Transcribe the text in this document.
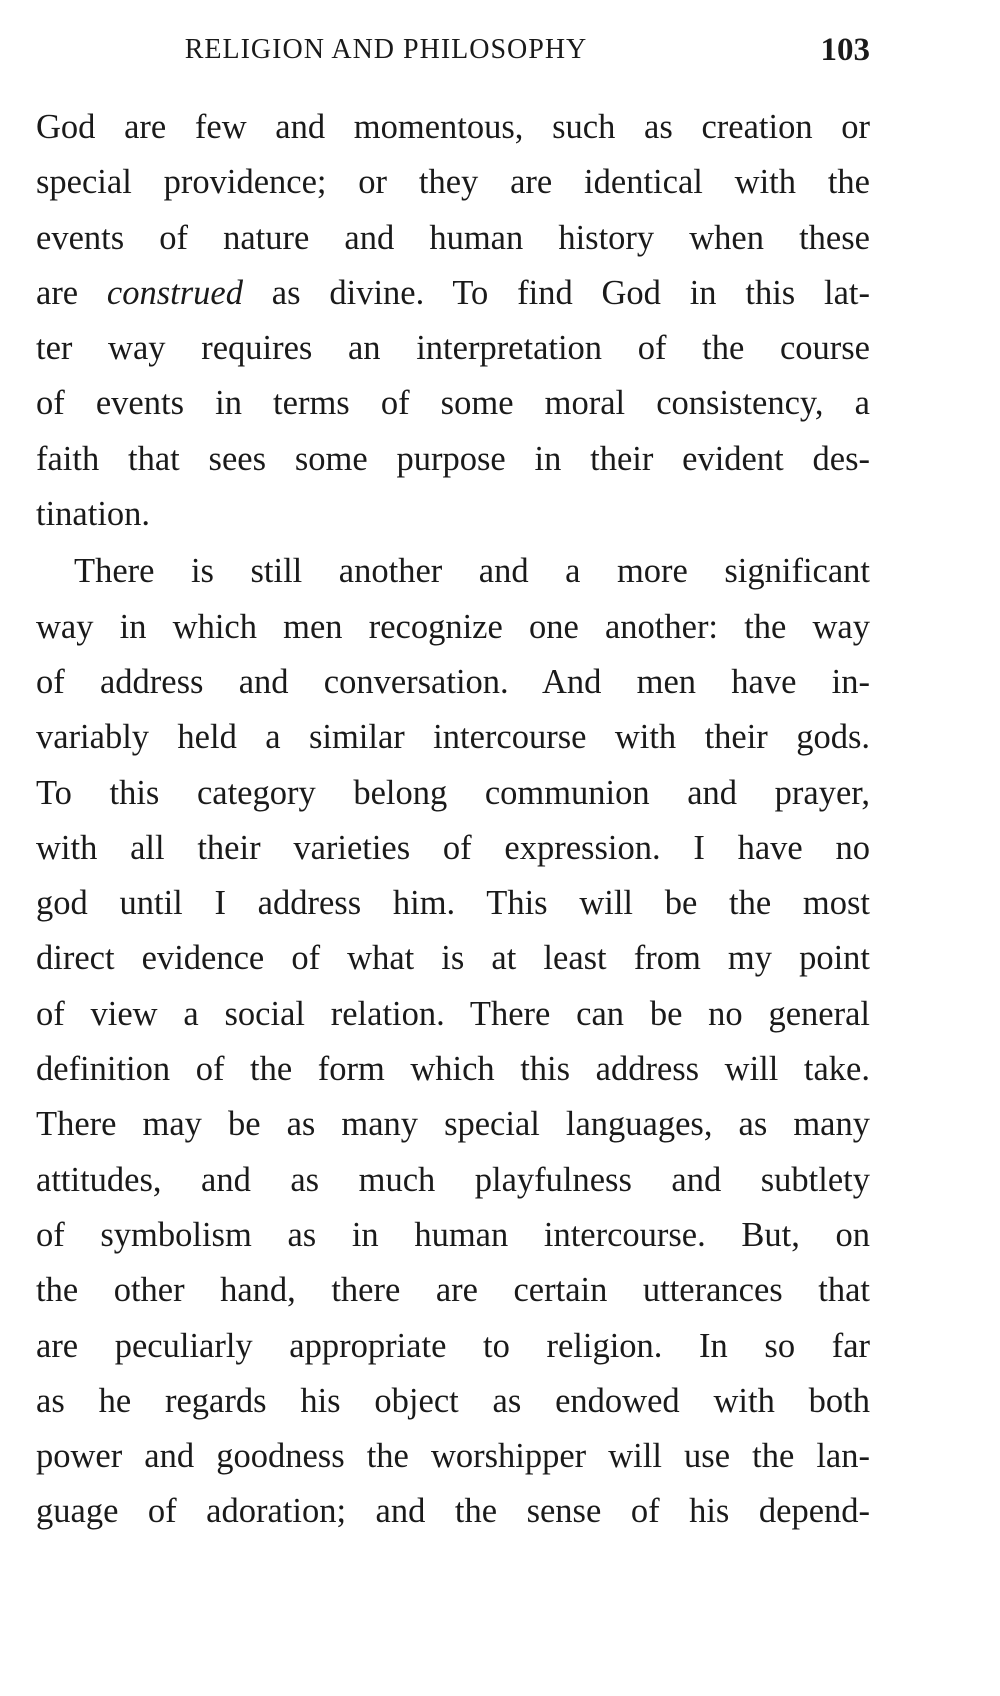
RELIGION AND PHILOSOPHY	103

God are few and momentous, such as creation or
special providence; or they are identical with the
events of nature and human history when these
are construed as divine. To find God in this lat-
ter way requires an interpretation of the course
of events in terms of some moral consistency, a
faith that sees some purpose in their evident des-
tination.

There is still another and a more significant
way in which men recognize one another: the way
of address and conversation. And men have in-
variably held a similar intercourse with their gods.
To this category belong communion and prayer,
with all their varieties of expression. I have no
god until I address him. This will be the most
direct evidence of what is at least from my point
of view a social relation. There can be no general
definition of the form which this address will take.
There may be as many special languages, as many
attitudes, and as much playfulness and subtlety
of symbolism as in human intercourse. But, on
the other hand, there are certain utterances that
are peculiarly appropriate to religion. In so far
as he regards his object as endowed with both
power and goodness the worshipper will use the lan-
guage of adoration; and the sense of his depend-
